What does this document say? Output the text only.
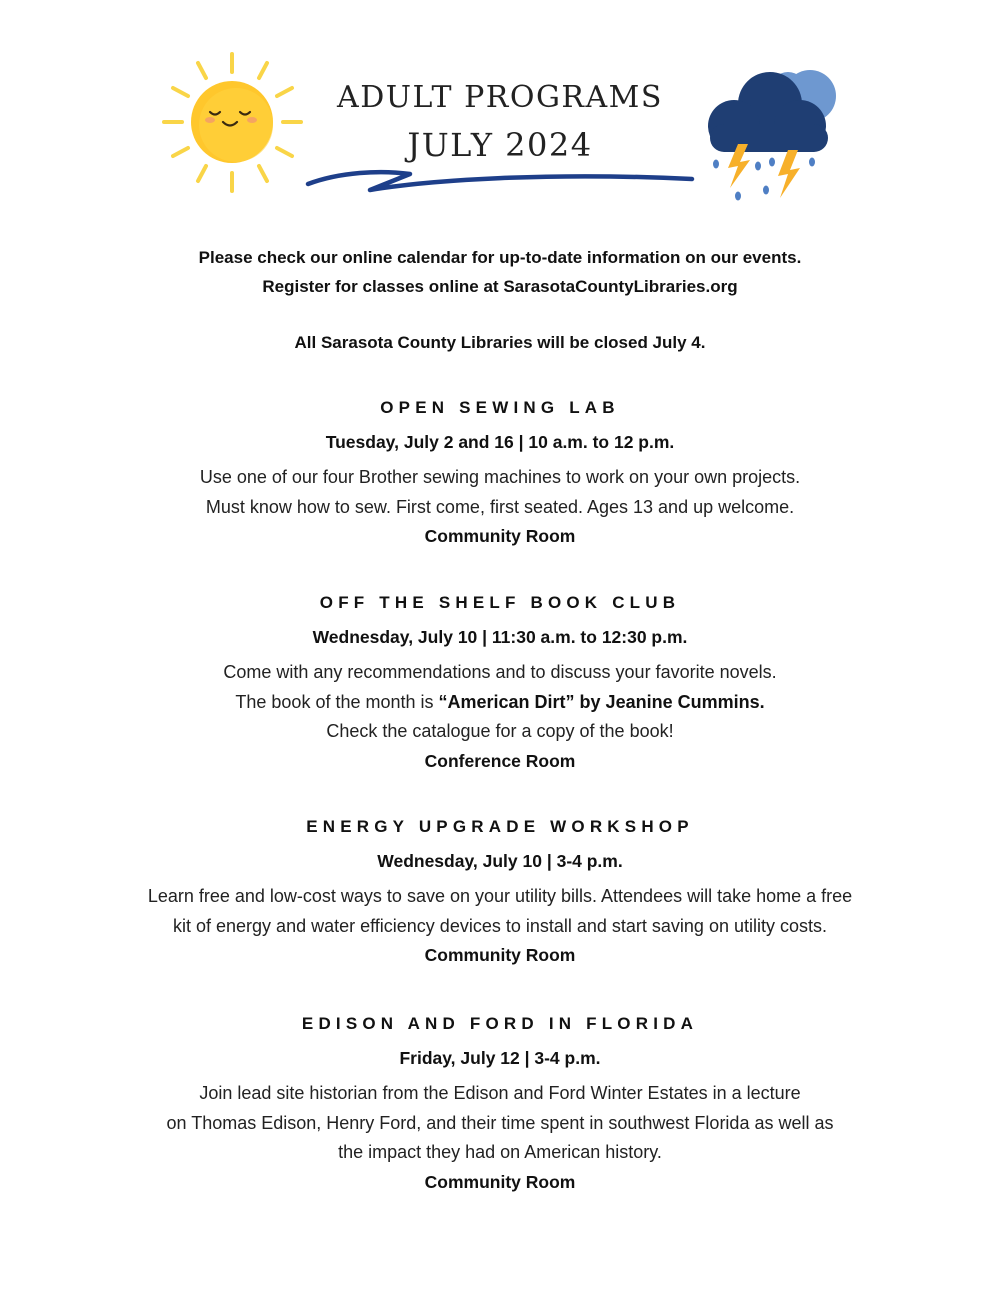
ADULT PROGRAMS
JULY 2024

Please check our online calendar for up-to-date information on our events.

Register for classes online at SarasotaCountyLibraries.org

All Sarasota County Libraries will be closed July 4.

OPEN SEWING LAB
Tuesday, July 2 and 16 | 10 a.m. to 12 p.m.
Use one of our four Brother sewing machines to work on your own projects.
Must know how to sew. First come, first seated. Ages 13 and up welcome.
Community Room
OFF THE SHELF BOOK CLUB
Wednesday, July 10 | 11:30 a.m. to 12:30 p.m.
Come with any recommendations and to discuss your favorite novels.
The book of the month is “American Dirt” by Jeanine Cummins.
Check the catalogue for a copy of the book!
Conference Room
ENERGY UPGRADE WORKSHOP
Wednesday, July 10 | 3-4 p.m.
Learn free and low-cost ways to save on your utility bills. Attendees will take home a free
kit of energy and water efficiency devices to install and start saving on utility costs.
Community Room
EDISON AND FORD IN FLORIDA
Friday, July 12 | 3-4 p.m.
Join lead site historian from the Edison and Ford Winter Estates in a lecture
on Thomas Edison, Henry Ford, and their time spent in southwest Florida as well as
the impact they had on American history.
Community Room
